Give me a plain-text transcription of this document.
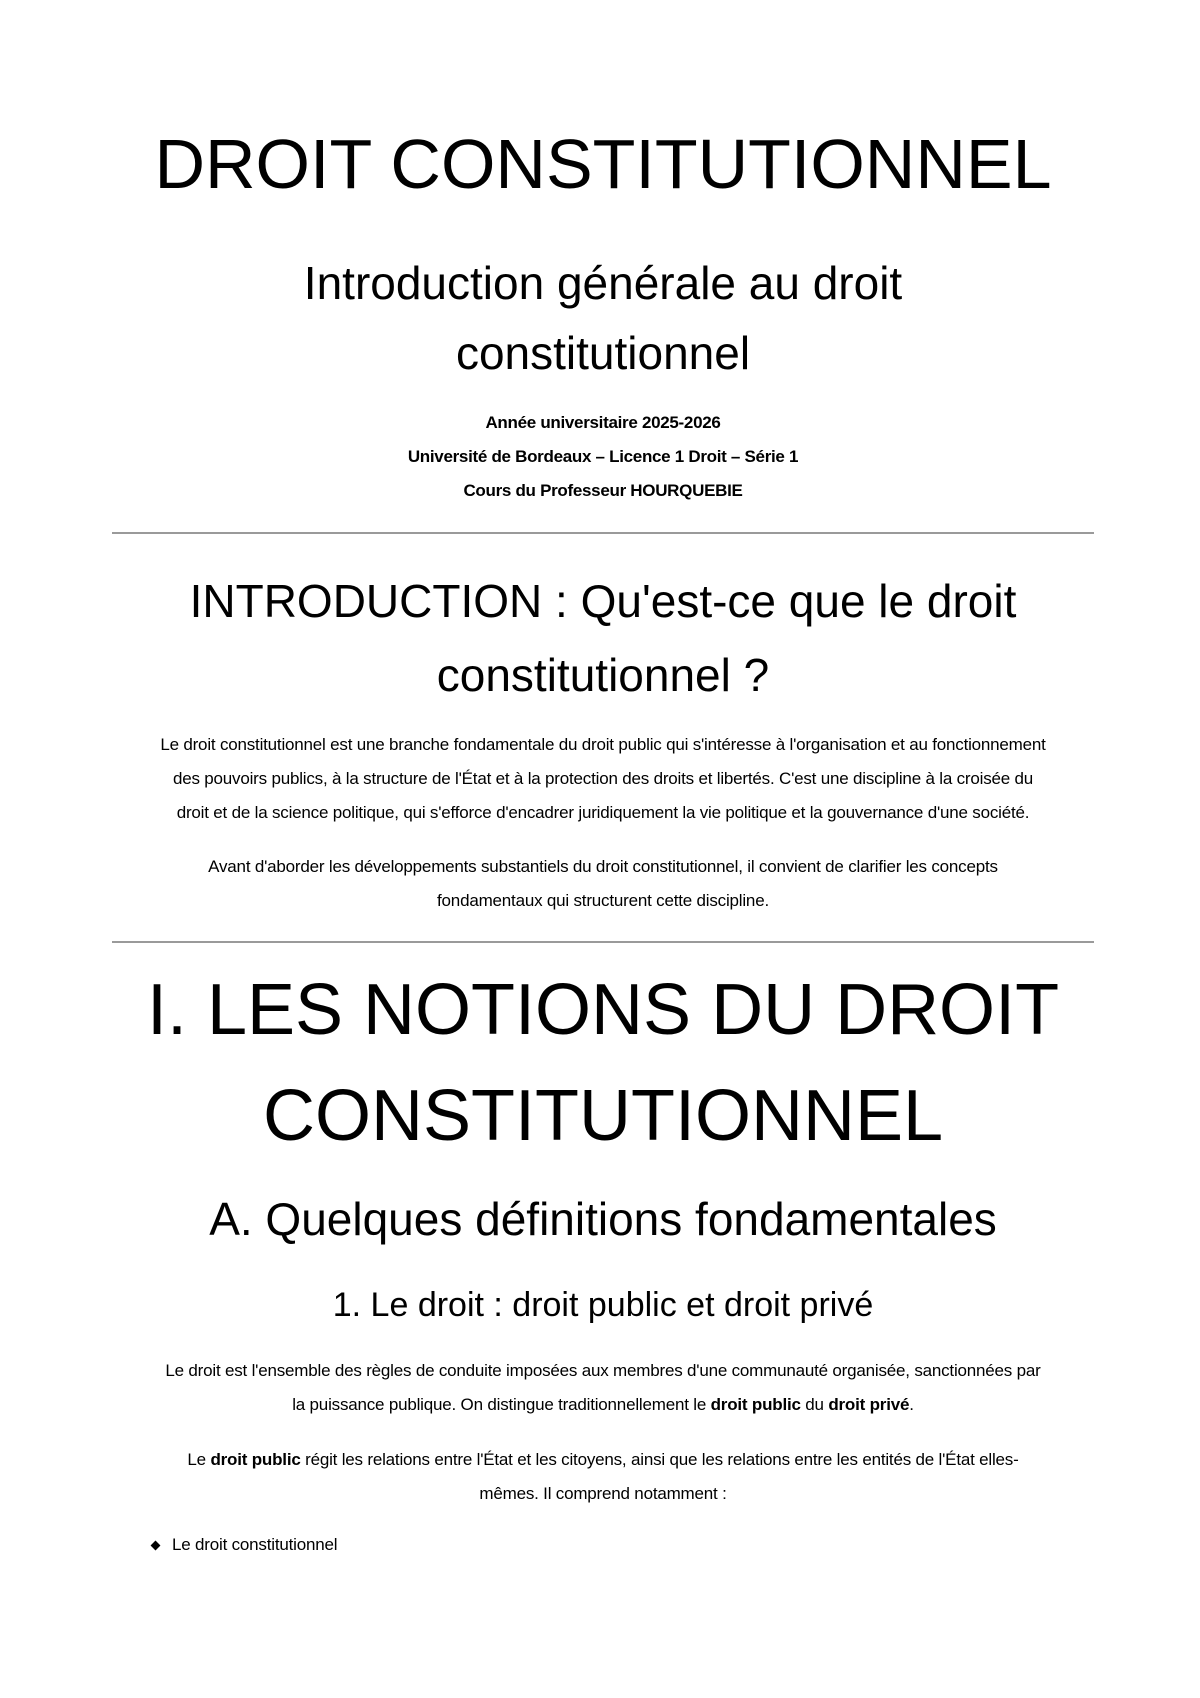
DROIT CONSTITUTIONNEL
Introduction générale au droit
constitutionnel
Année universitaire 2025-2026
Université de Bordeaux – Licence 1 Droit – Série 1
Cours du Professeur HOURQUEBIE
INTRODUCTION : Qu'est-ce que le droit
constitutionnel ?

Le droit constitutionnel est une branche fondamentale du droit public qui s'intéresse à l'organisation et au fonctionnement
des pouvoirs publics, à la structure de l'État et à la protection des droits et libertés. C'est une discipline à la croisée du
droit et de la science politique, qui s'efforce d'encadrer juridiquement la vie politique et la gouvernance d'une société.

Avant d'aborder les développements substantiels du droit constitutionnel, il convient de clarifier les concepts
fondamentaux qui structurent cette discipline.

I. LES NOTIONS DU DROIT
CONSTITUTIONNEL
A. Quelques définitions fondamentales
1. Le droit : droit public et droit privé

Le droit est l'ensemble des règles de conduite imposées aux membres d'une communauté organisée, sanctionnées par
la puissance publique. On distingue traditionnellement le droit public du droit privé.

Le droit public régit les relations entre l'État et les citoyens, ainsi que les relations entre les entités de l'État elles-
mêmes. Il comprend notamment :

Le droit constitutionnel
